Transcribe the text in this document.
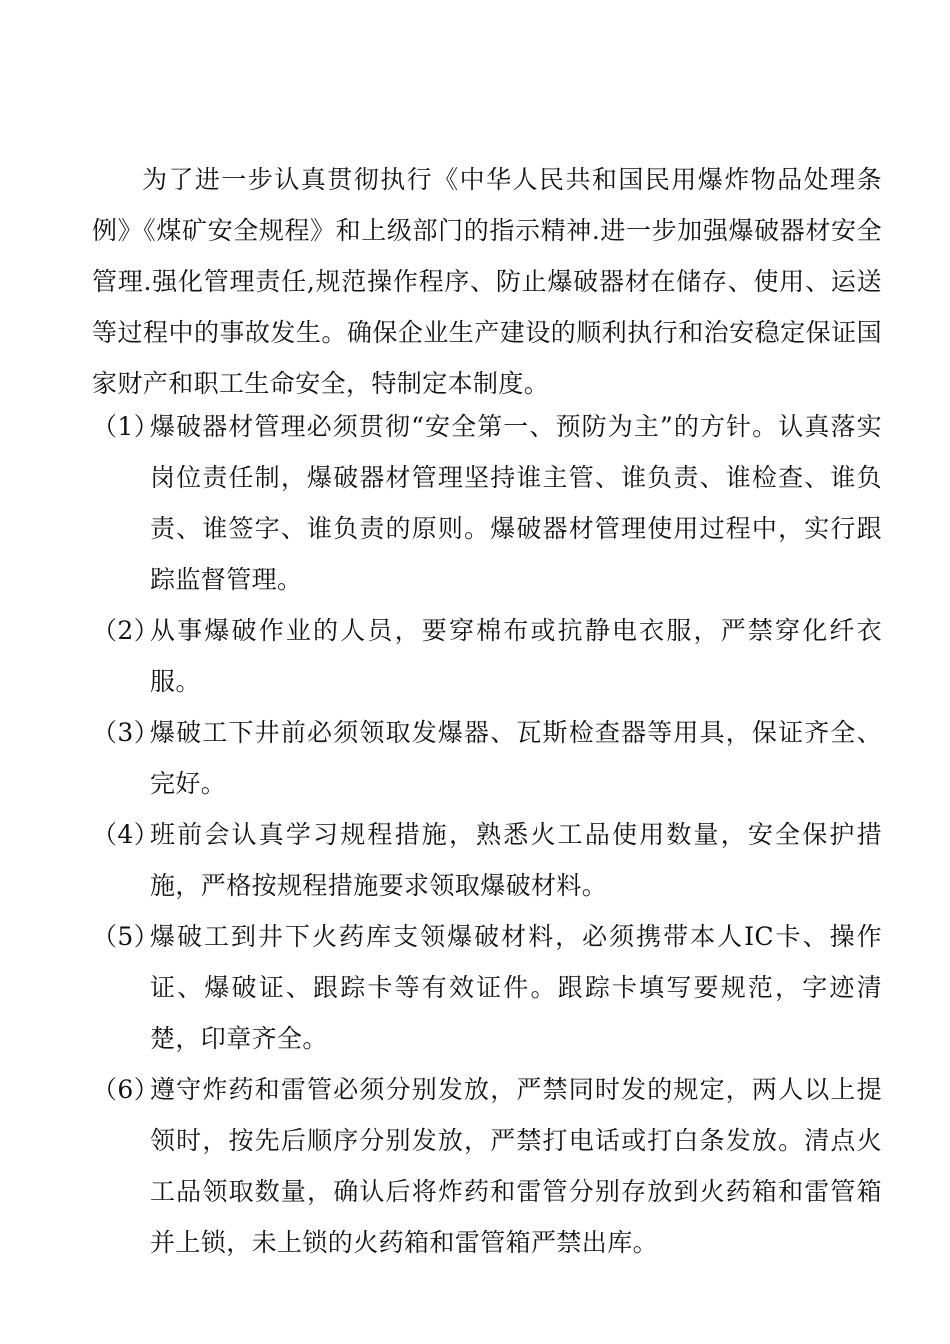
为了进一步认真贯彻执行《中华人民共和国民用爆炸物品处理条例》《煤矿安全规程》和上级部门的指示精神.进一步加强爆破器材安全管理.强化管理责任,规范操作程序、防止爆破器材在储存、使用、运送等过程中的事故发生。确保企业生产建设的顺利执行和治安稳定保证国家财产和职工生命安全，特制定本制度。

（1）
爆破器材管理必须贯彻“安全第一、预防为主”的方针。认真落实岗位责任制，爆破器材管理坚持谁主管、谁负责、谁检查、谁负责、谁签字、谁负责的原则。爆破器材管理使用过程中，实行跟踪监督管理。
（2）
从事爆破作业的人员，要穿棉布或抗静电衣服，严禁穿化纤衣服。
（3）
爆破工下井前必须领取发爆器、瓦斯检查器等用具，保证齐全、完好。
（4）
班前会认真学习规程措施，熟悉火工品使用数量，安全保护措施，严格按规程措施要求领取爆破材料。
（5）
爆破工到井下火药库支领爆破材料，必须携带本人IC卡、操作证、爆破证、跟踪卡等有效证件。跟踪卡填写要规范，字迹清楚，印章齐全。
（6）
遵守炸药和雷管必须分别发放，严禁同时发的规定，两人以上提领时，按先后顺序分别发放，严禁打电话或打白条发放。清点火工品领取数量，确认后将炸药和雷管分别存放到火药箱和雷管箱并上锁，未上锁的火药箱和雷管箱严禁出库。
